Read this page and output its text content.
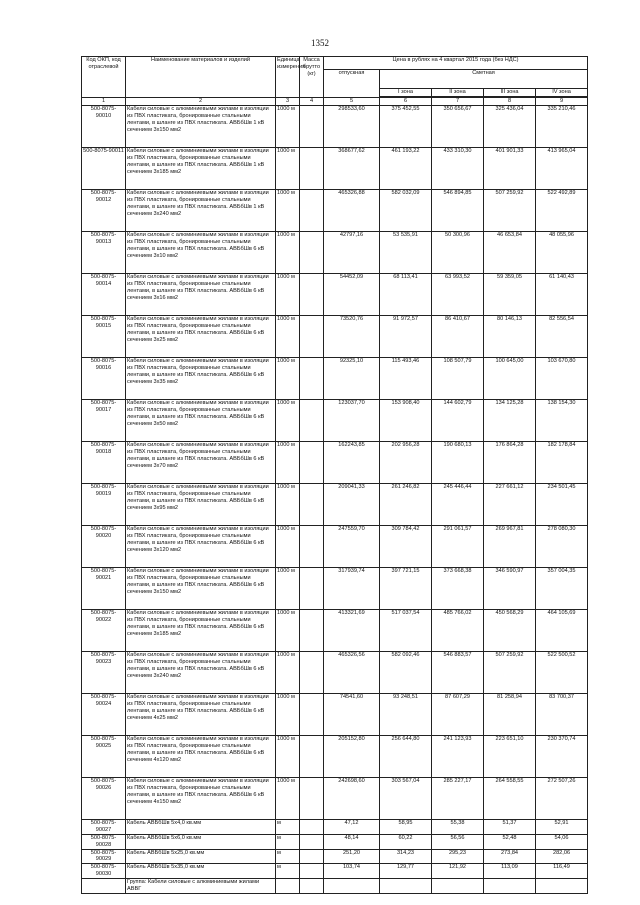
1352
Код ОКП, код отраслевой	Наименование материалов и изделий	Единица измерения	Масса брутто (кг)	Цена в рублях на 4 квартал 2015 года (без НДС)				
				отпускная	Сметная			
					I зона	II зона	III зона	IV зона

1	2	3	4	5	6	7	8	9
500-8075-90010	Кабели силовые с алюминиевыми жилами в изоляции из ПВХ пластиката, бронированные стальными лентами, в шланге из ПВХ пластиката. АВБбШв 1 кВ сечением 3х150 мм2	1000 м		298533,60	375 452,55	350 656,67	325 436,04	335 210,46
500-8075-90011	Кабели силовые с алюминиевыми жилами в изоляции из ПВХ пластиката, бронированные стальными лентами, в шланге из ПВХ пластиката. АВБбШв 1 кВ сечением 3х185 мм2	1000 м		368677,62	461 193,22	433 310,30	401 901,33	413 965,04
500-8075-90012	Кабели силовые с алюминиевыми жилами в изоляции из ПВХ пластиката, бронированные стальными лентами, в шланге из ПВХ пластиката. АВБбШв 1 кВ сечением 3х240 мм2	1000 м		465326,88	582 032,09	546 894,85	507 259,92	522 492,89
500-8075-90013	Кабели силовые с алюминиевыми жилами в изоляции из ПВХ пластиката, бронированные стальными лентами, в шланге из ПВХ пластиката. АВБбШв 6 кВ сечением 3х10 мм2	1000 м		42797,16	53 535,91	50 300,96	46 653,84	48 055,96
500-8075-90014	Кабели силовые с алюминиевыми жилами в изоляции из ПВХ пластиката, бронированные стальными лентами, в шланге из ПВХ пластиката. АВБбШв 6 кВ сечением 3х16 мм2	1000 м		54452,09	68 113,41	63 993,52	59 359,05	61 140,43
500-8075-90015	Кабели силовые с алюминиевыми жилами в изоляции из ПВХ пластиката, бронированные стальными лентами, в шланге из ПВХ пластиката. АВБбШв 6 кВ сечением 3х25 мм2	1000 м		73520,76	91 972,57	86 410,67	80 146,13	82 556,54
500-8075-90016	Кабели силовые с алюминиевыми жилами в изоляции из ПВХ пластиката, бронированные стальными лентами, в шланге из ПВХ пластиката. АВБбШв 6 кВ сечением 3х35 мм2	1000 м		92325,10	115 493,46	108 507,79	100 645,00	103 670,80
500-8075-90017	Кабели силовые с алюминиевыми жилами в изоляции из ПВХ пластиката, бронированные стальными лентами, в шланге из ПВХ пластиката. АВБбШв 6 кВ сечением 3х50 мм2	1000 м		123037,70	153 908,40	144 602,79	134 125,28	138 154,30
500-8075-90018	Кабели силовые с алюминиевыми жилами в изоляции из ПВХ пластиката, бронированные стальными лентами, в шланге из ПВХ пластиката. АВБбШв 6 кВ сечением 3х70 мм2	1000 м		162243,85	202 956,28	190 680,13	176 864,28	182 178,84
500-8075-90019	Кабели силовые с алюминиевыми жилами в изоляции из ПВХ пластиката, бронированные стальными лентами, в шланге из ПВХ пластиката. АВБбШв 6 кВ сечением 3х95 мм2	1000 м		209041,33	261 246,82	245 446,44	227 661,12	234 501,45
500-8075-90020	Кабели силовые с алюминиевыми жилами в изоляции из ПВХ пластиката, бронированные стальными лентами, в шланге из ПВХ пластиката. АВБбШв 6 кВ сечением 3х120 мм2	1000 м		247559,70	309 784,42	291 061,57	269 967,81	278 080,30
500-8075-90021	Кабели силовые с алюминиевыми жилами в изоляции из ПВХ пластиката, бронированные стальными лентами, в шланге из ПВХ пластиката. АВБбШв 6 кВ сечением 3х150 мм2	1000 м		317939,74	397 721,15	373 668,38	346 590,97	357 004,35
500-8075-90022	Кабели силовые с алюминиевыми жилами в изоляции из ПВХ пластиката, бронированные стальными лентами, в шланге из ПВХ пластиката. АВБбШв 6 кВ сечением 3х185 мм2	1000 м		413321,69	517 037,54	485 766,02	450 568,29	464 105,69
500-8075-90023	Кабели силовые с алюминиевыми жилами в изоляции из ПВХ пластиката, бронированные стальными лентами, в шланге из ПВХ пластиката. АВБбШв 6 кВ сечением 3х240 мм2	1000 м		465326,56	582 092,46	546 883,57	507 259,92	522 500,52
500-8075-90024	Кабели силовые с алюминиевыми жилами в изоляции из ПВХ пластиката, бронированные стальными лентами, в шланге из ПВХ пластиката. АВБбШв 6 кВ сечением 4х25 мм2	1000 м		74541,60	93 248,51	87 607,29	81 258,94	83 700,37
500-8075-90025	Кабели силовые с алюминиевыми жилами в изоляции из ПВХ пластиката, бронированные стальными лентами, в шланге из ПВХ пластиката. АВБбШв 6 кВ сечением 4х120 мм2	1000 м		205152,80	256 644,80	241 123,93	223 651,10	230 370,74
500-8075-90026	Кабели силовые с алюминиевыми жилами в изоляции из ПВХ пластиката, бронированные стальными лентами, в шланге из ПВХ пластиката. АВБбШв 6 кВ сечением 4х150 мм2	1000 м		242698,60	303 567,04	285 227,17	264 558,55	272 507,26
500-8075-90027	Кабель АВБбШв 5х4,0 кв.мм	м		47,12	58,95	55,38	51,37	52,91
500-8075-90028	Кабель АВБбШв 5х6,0 кв.мм	м		48,14	60,22	56,56	52,48	54,06
500-8075-90029	Кабель АВБбШв 5х25,0 кв.мм	м		251,20	314,23	295,23	273,84	282,06
500-8075-90030	Кабель АВБбШв 5х35,0 кв.мм	м		103,74	129,77	121,92	113,09	116,49
	Группа: Кабели силовые с алюминиевыми жилами АВВГ							
